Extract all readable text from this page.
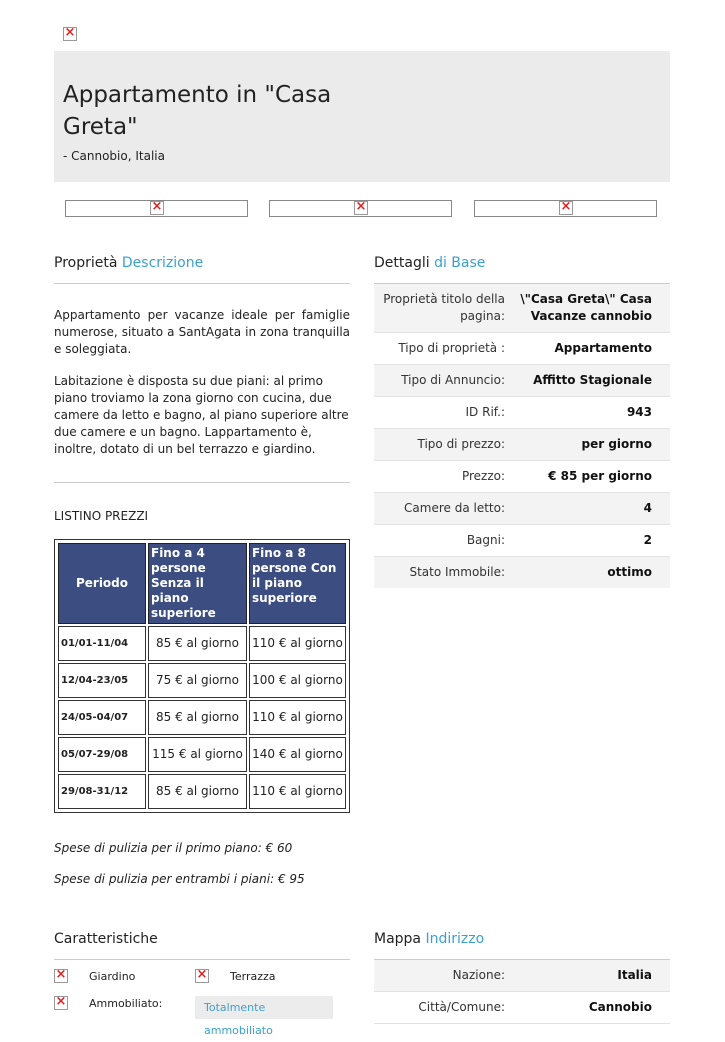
×
Appartamento in "Casa Greta"
- Cannobio, Italia
×
×
×
Proprietà Descrizione

Appartamento per vacanze ideale per famiglie numerose, situato a SantAgata in zona tranquilla e soleggiata.

Labitazione è disposta su due piani: al primo piano troviamo la zona giorno con cucina, due camere da letto e bagno, al piano superiore altre due camere e un bagno. Lappartamento è, inoltre, dotato di un bel terrazzo e giardino.

Dettagli di Base
Proprietà titolo della pagina:
\"Casa Greta\" Casa Vacanze cannobio
Tipo di proprietà :	Appartamento
Tipo di Annuncio:	Affitto Stagionale
ID Rif.:	943
Tipo di prezzo:	per giorno
Prezzo:	€ 85 per giorno
Camere da letto:	4
Bagni:	2
Stato Immobile:	ottimo
LISTINO PREZZI
Periodo	Fino a 4 persone Senza il piano superiore	Fino a 8 persone Con il piano superiore
01/01-11/04	85 € al giorno	110 € al giorno
12/04-23/05	75 € al giorno	100 € al giorno
24/05-04/07	85 € al giorno	110 € al giorno
05/07-29/08	115 € al giorno	140 € al giorno
29/08-31/12	85 € al giorno	110 € al giorno
Spese di pulizia per il primo piano: € 60
Spese di pulizia per entrambi i piani: € 95
Caratteristiche
×
Giardino ×	Terrazza
×
Ammobiliato:	Totalmente ammobiliato
Mappa Indirizzo
Nazione:	Italia
Città/Comune:	Cannobio
